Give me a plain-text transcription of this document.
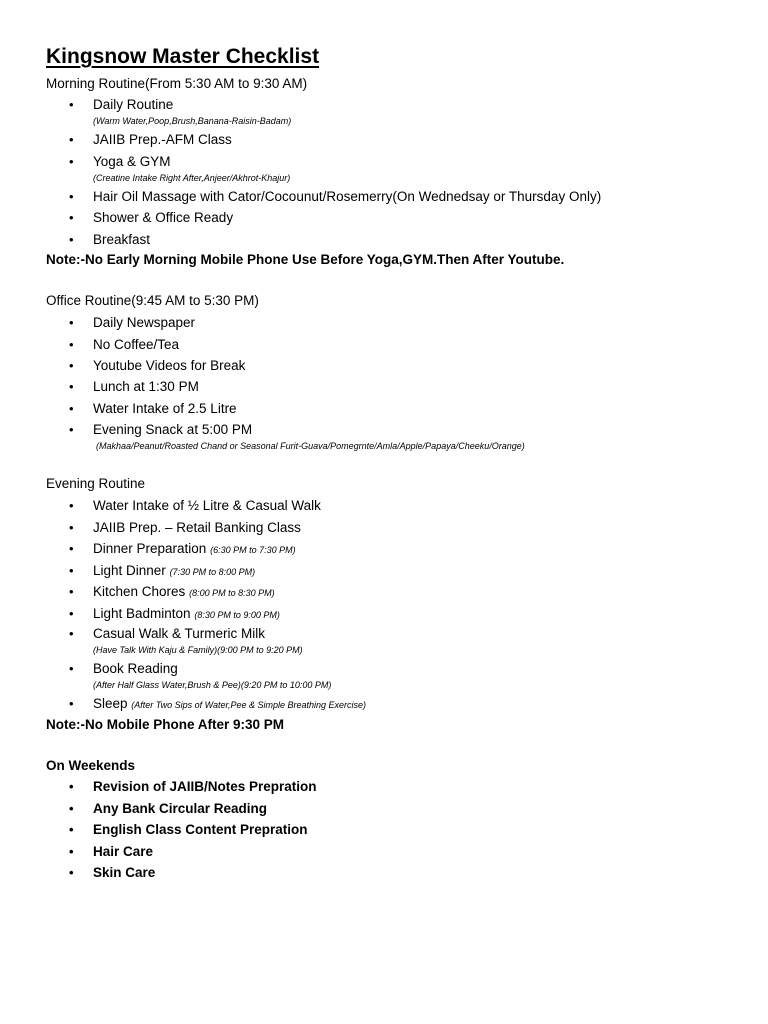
Kingsnow Master Checklist
Morning Routine(From 5:30 AM to 9:30 AM)
• Daily Routine
(Warm Water,Poop,Brush,Banana-Raisin-Badam)
• JAIIB Prep.-AFM Class
• Yoga & GYM
(Creatine Intake Right After,Anjeer/Akhrot-Khajur)
• Hair Oil Massage with Cator/Cocounut/Rosemerry(On Wednedsay or Thursday Only)
• Shower & Office Ready
• Breakfast
Note:-No Early Morning Mobile Phone Use Before Yoga,GYM.Then After Youtube.
Office Routine(9:45 AM to 5:30 PM)
• Daily Newspaper
• No Coffee/Tea
• Youtube Videos for Break
• Lunch at 1:30 PM
• Water Intake of 2.5 Litre
• Evening Snack at 5:00 PM
(Makhaa/Peanut/Roasted Chand or Seasonal Furit-Guava/Pomegrnte/Amla/Apple/Papaya/Cheeku/Orange)
Evening Routine
• Water Intake of ½ Litre & Casual Walk
• JAIIB Prep. – Retail Banking Class
• Dinner Preparation (6:30 PM to 7:30 PM)
• Light Dinner (7:30 PM to 8:00 PM)
• Kitchen Chores (8:00 PM to 8:30 PM)
• Light Badminton (8:30 PM to 9:00 PM)
• Casual Walk & Turmeric Milk
(Have Talk With Kaju & Family)(9:00 PM to 9:20 PM)
• Book Reading
(After Half Glass Water,Brush & Pee)(9:20 PM to 10:00 PM)
• Sleep (After Two Sips of Water,Pee & Simple Breathing Exercise)
Note:-No Mobile Phone After 9:30 PM
On Weekends
• Revision of JAIIB/Notes Prepration
• Any Bank Circular Reading
• English Class Content Prepration
• Hair Care
• Skin Care
